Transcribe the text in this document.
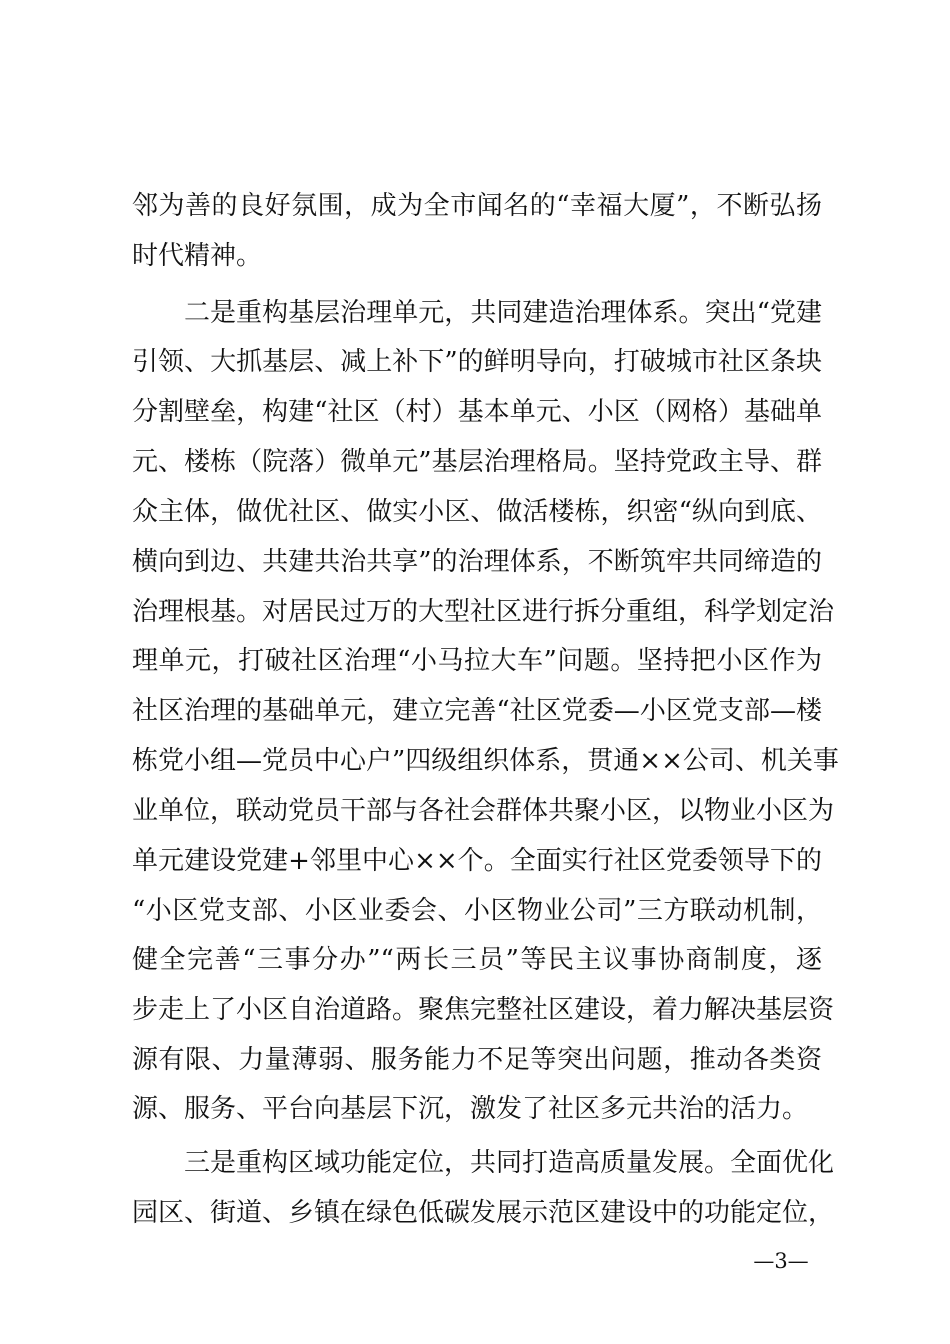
邻为善的良好氛围，成为全市闻名的“幸福大厦”，不断弘扬
时代精神。
二是重构基层治理单元，共同建造治理体系。突出“党建
引领、大抓基层、减上补下”的鲜明导向，打破城市社区条块
分割壁垒，构建“社区（村）基本单元、小区（网格）基础单
元、楼栋（院落）微单元”基层治理格局。坚持党政主导、群
众主体，做优社区、做实小区、做活楼栋，织密“纵向到底、
横向到边、共建共治共享”的治理体系，不断筑牢共同缔造的
治理根基。对居民过万的大型社区进行拆分重组，科学划定治
理单元，打破社区治理“小马拉大车”问题。坚持把小区作为
社区治理的基础单元，建立完善“社区党委—小区党支部—楼
栋党小组—党员中心户”四级组织体系，贯通××公司、机关事
业单位，联动党员干部与各社会群体共聚小区，以物业小区为
单元建设党建+邻里中心××个。全面实行社区党委领导下的
“小区党支部、小区业委会、小区物业公司”三方联动机制，
健全完善“三事分办”“两长三员”等民主议事协商制度，逐
步走上了小区自治道路。聚焦完整社区建设，着力解决基层资
源有限、力量薄弱、服务能力不足等突出问题，推动各类资
源、服务、平台向基层下沉，激发了社区多元共治的活力。
三是重构区域功能定位，共同打造高质量发展。全面优化
园区、街道、乡镇在绿色低碳发展示范区建设中的功能定位，
—3—
